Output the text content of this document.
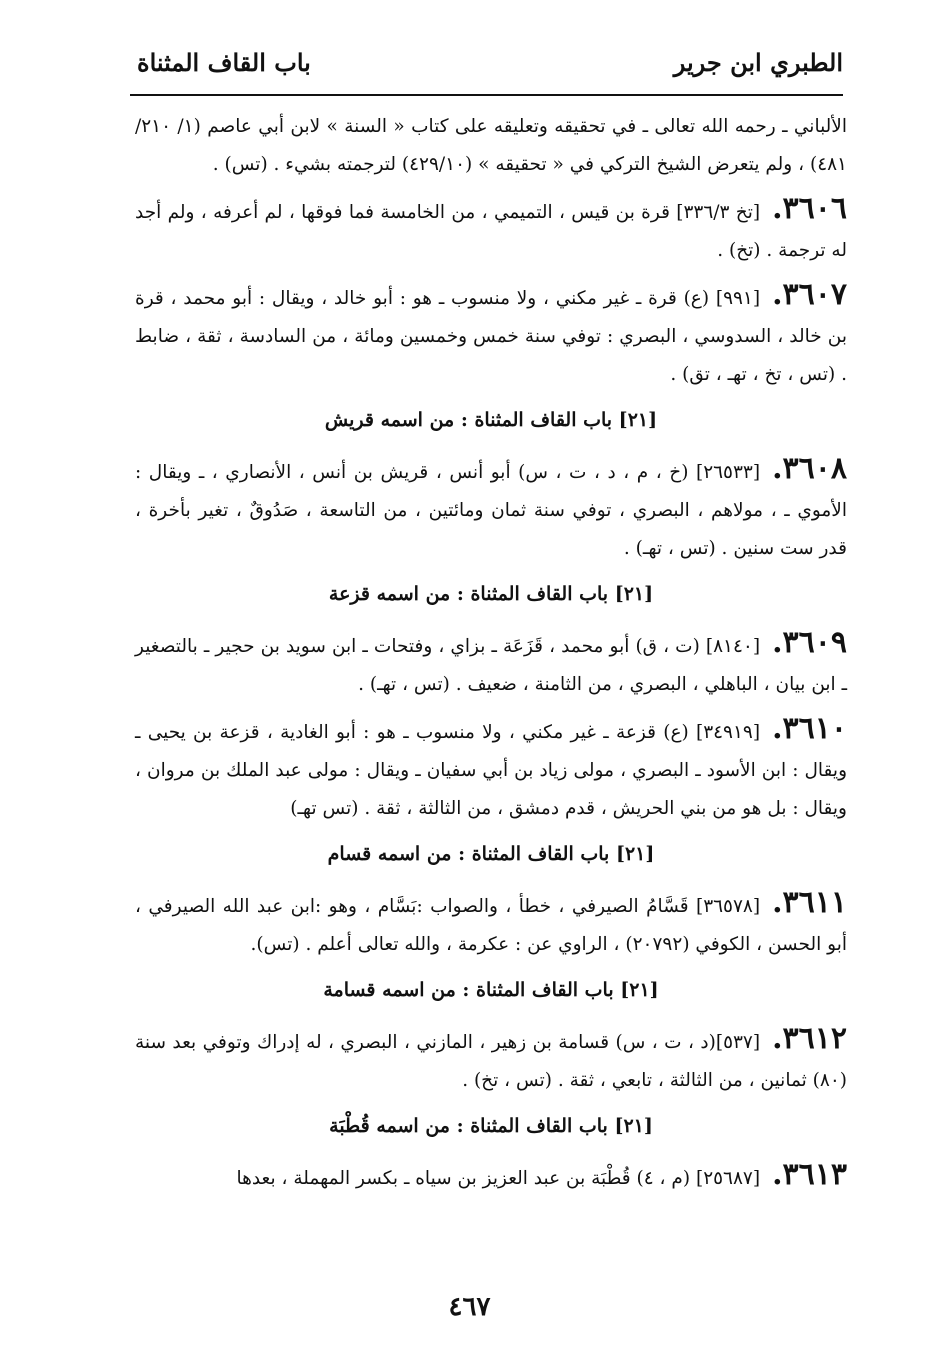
الطبري ابن جرير
باب القاف المثناة

الألباني ـ رحمه الله تعالى ـ في تحقيقه وتعليقه على كتاب « السنة » لابن أبي عاصم (١/ ٢١٠/ ٤٨١) ، ولم يتعرض الشيخ التركي في « تحقيقه » (٤٢٩/١٠) لترجمته بشيء . (تس) .

٣٦٠٦.[تخ ٣٣٦/٣] قرة بن قيس ، التميمي ، من الخامسة فما فوقها ، لم أعرفه ، ولم أجد له ترجمة . (تخ) .

٣٦٠٧.[٩٩١] (ع) قرة ـ غير مكني ، ولا منسوب ـ هو : أبو خالد ، ويقال : أبو محمد ، قرة بن خالد ، السدوسي ، البصري : توفي سنة خمس وخمسين ومائة ، من السادسة ، ثقة ، ضابط . (تس ، تخ ، تهـ ، تق) .

[٢١] باب القاف المثناة : من اسمه قريش

٣٦٠٨.[٢٦٥٣٣] (خ ، م ، د ، ت ، س) أبو أنس ، قريش بن أنس ، الأنصاري ، ـ ويقال : الأموي ـ ، مولاهم ، البصري ، توفي سنة ثمان ومائتين ، من التاسعة ، صَدُوقٌ ، تغير بأخرة ، قدر ست سنين . (تس ، تهـ) .

[٢١] باب القاف المثناة : من اسمه قزعة

٣٦٠٩.[٨١٤٠] (ت ، ق) أبو محمد ، قَزَعَة ـ بزاي ، وفتحات ـ ابن سويد بن حجير ـ بالتصغير ـ ابن بيان ، الباهلي ، البصري ، من الثامنة ، ضعيف . (تس ، تهـ) .

٣٦١٠.[٣٤٩١٩] (ع) قزعة ـ غير مكني ، ولا منسوب ـ هو : أبو الغادية ، قزعة بن يحيى ـ ويقال : ابن الأسود ـ البصري ، مولى زياد بن أبي سفيان ـ ويقال : مولى عبد الملك بن مروان ، ويقال : بل هو من بني الحريش ، قدم دمشق ، من الثالثة ، ثقة . (تس تهـ)

[٢١] باب القاف المثناة : من اسمه قسام

٣٦١١.[٣٦٥٧٨] قَسَّامُ الصيرفي ، خطأ ، والصواب :بَسَّام ، وهو :ابن عبد الله الصيرفي ، أبو الحسن ، الكوفي (٢٠٧٩٢) ، الراوي عن : عكرمة ، والله تعالى أعلم . (تس).

[٢١] باب القاف المثناة : من اسمه قسامة

٣٦١٢.[٥٣٧](د ، ت ، س) قسامة بن زهير ، المازني ، البصري ، له إدراك وتوفي بعد سنة (٨٠) ثمانين ، من الثالثة ، تابعي ، ثقة . (تس ، تخ) .

[٢١] باب القاف المثناة : من اسمه قُطْبَة

٣٦١٣.[٢٥٦٨٧] (م ، ٤) قُطْبَة بن عبد العزيز بن سياه ـ بكسر المهملة ، بعدها

٤٦٧
